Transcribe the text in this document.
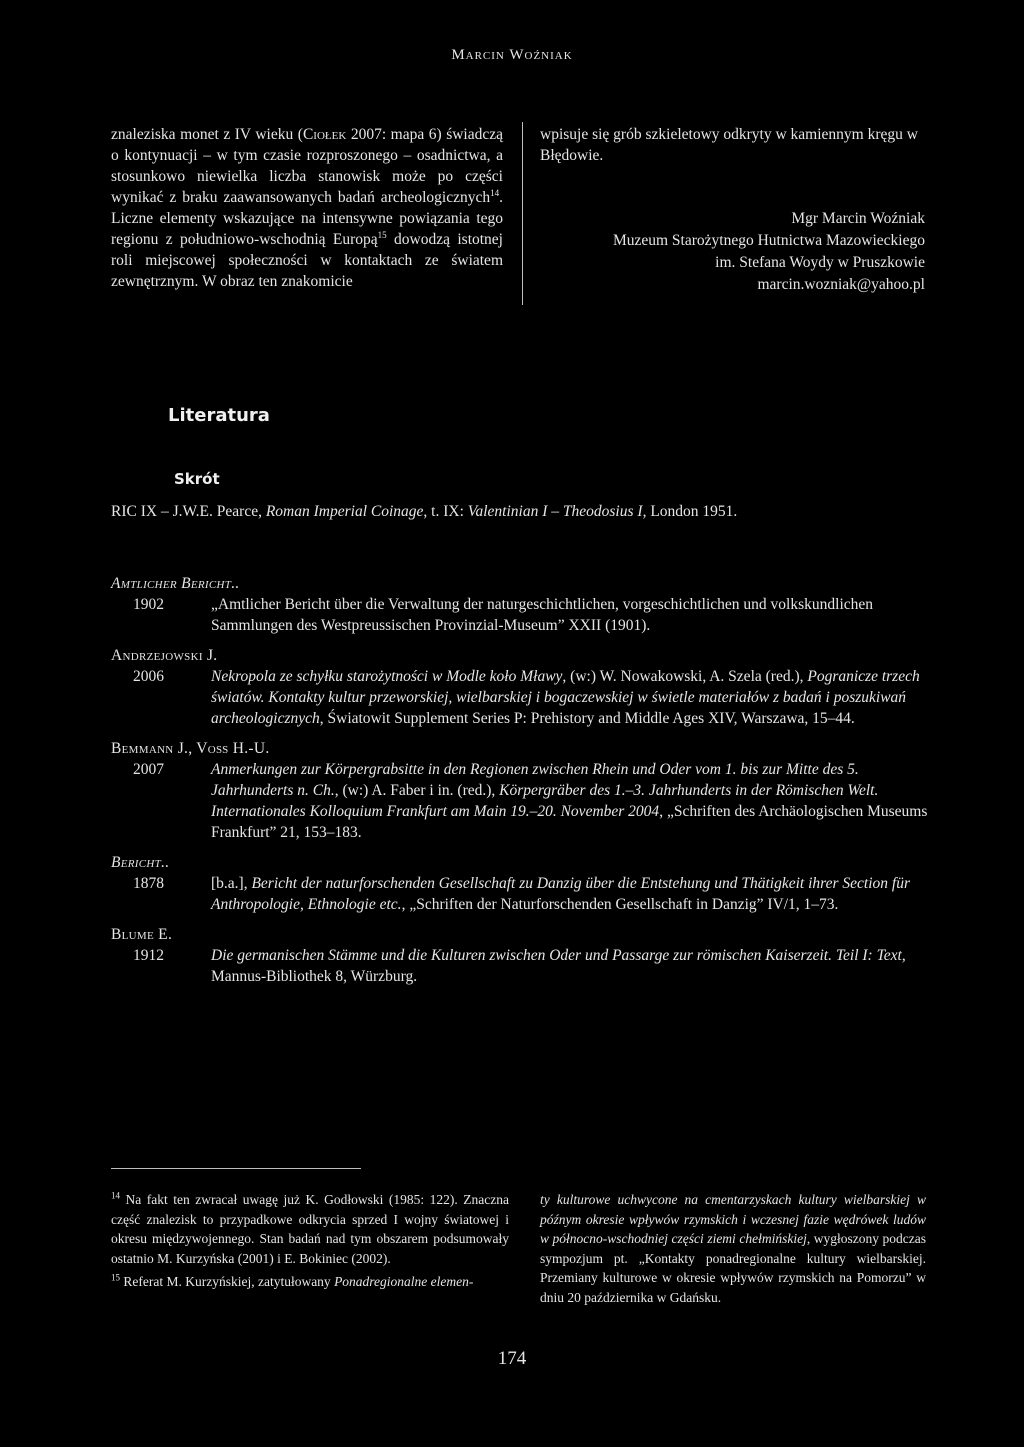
Marcin Woźniak

znaleziska monet z IV wieku (Ciołek 2007: mapa 6) świadczą o kontynuacji – w tym czasie rozproszonego – osadnictwa, a stosunkowo niewielka liczba stanowisk może po części wynikać z braku zaawansowanych badań archeologicznych$^{14}$. Liczne elementy wskazujące na intensywne powiązania tego regionu z południowo-wschodnią Europą$^{15}$ dowodzą istotnej roli miejscowej społeczności w kontaktach ze światem zewnętrznym. W obraz ten znakomicie

wpisuje się grób szkieletowy odkryty w kamiennym kręgu w Błędowie.

Mgr Marcin Woźniak
Muzeum Starożytnego Hutnictwa Mazowieckiego
im. Stefana Woydy w Pruszkowie
marcin.wozniak@yahoo.pl
Literatura
Skrót
RIC IX – J.W.E. Pearce, Roman Imperial Coinage, t. IX: Valentinian I – Theodosius I, London 1951.
Amtlicher Bericht..
1902	„Amtlicher Bericht über die Verwaltung der naturgeschichtlichen, vorgeschichtlichen und volkskundlichen Sammlungen des Westpreussischen Provinzial-Museum” XXII (1901).
Andrzejowski J.
2006	Nekropola ze schyłku starożytności w Modle koło Mławy, (w:) W. Nowakowski, A. Szela (red.), Pogranicze trzech światów. Kontakty kultur przeworskiej, wielbarskiej i bogaczewskiej w świetle materiałów z badań i poszukiwań archeologicznych, Światowit Supplement Series P: Prehistory and Middle Ages XIV, Warszawa, 15–44.
Bemmann J., Voß H.-U.
2007	Anmerkungen zur Körpergrabsitte in den Regionen zwischen Rhein und Oder vom 1. bis zur Mitte des 5. Jahrhunderts n. Ch., (w:) A. Faber i in. (red.), Körpergräber des 1.–3. Jahrhunderts in der Römischen Welt. Internationales Kolloquium Frankfurt am Main 19.–20. November 2004, „Schriften des Archäologischen Museums Frankfurt” 21, 153–183.
Bericht..
1878	[b.a.], Bericht der naturforschenden Gesellschaft zu Danzig über die Entstehung und Thätigkeit ihrer Section für Anthropologie, Ethnologie etc., „Schriften der Naturforschenden Gesellschaft in Danzig” IV/1, 1–73.
Blume E.
1912	Die germanischen Stämme und die Kulturen zwischen Oder und Passarge zur römischen Kaiserzeit. Teil I: Text, Mannus-Bibliothek 8, Würzburg.

$^{14}$ Na fakt ten zwracał uwagę już K. Godłowski (1985: 122). Znaczna część znalezisk to przypadkowe odkrycia sprzed I wojny światowej i okresu międzywojennego. Stan badań nad tym obszarem podsumowały ostatnio M. Kurzyńska (2001) i E. Bokiniec (2002).

$^{15}$ Referat M. Kurzyńskiej, zatytułowany Ponadregionalne elemen-

ty kulturowe uchwycone na cmentarzyskach kultury wielbarskiej w późnym okresie wpływów rzymskich i wczesnej fazie wędrówek ludów w północno-wschodniej części ziemi chełmińskiej, wygłoszony podczas sympozjum pt. „Kontakty ponadregionalne kultury wielbarskiej. Przemiany kulturowe w okresie wpływów rzymskich na Pomorzu” w dniu 20 października w Gdańsku.

174
